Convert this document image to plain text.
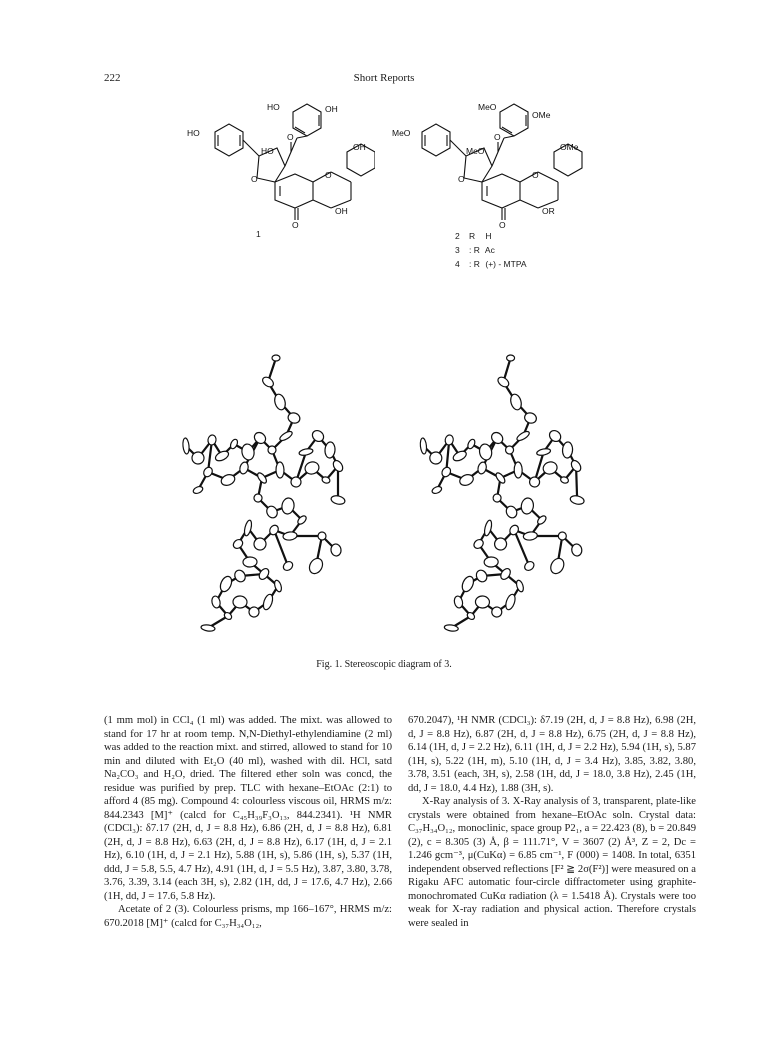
222	Short Reports
HO	OH
HO	O
HO	OH
O	O
OH
O
1
MeO
OMe
MeO	O
MeO	OMe
O	O
OR
O
2 R H
3 : R Ac
4 : R (+) - MTPA
Fig. 1. Stereoscopic diagram of 3.

(1 mm mol) in CCl₄ (1 ml) was added. The mixt. was allowed to stand for 17 hr at room temp. N,N-Diethyl-ethylendiamine (2 ml) was added to the reaction mixt. and stirred, allowed to stand for 10 min and diluted with Et₂O (40 ml), washed with dil. HCl, satd Na₂CO₃ and H₂O, dried. The filtered ether soln was concd, the residue was purified by prep. TLC with hexane–EtOAc (2:1) to afford 4 (85 mg). Compound 4: colourless viscous oil, HRMS m/z: 844.2343 [M]⁺ (calcd for C₄₅H₃₉F₃O₁₃, 844.2341). ¹H NMR (CDCl₃): δ7.17 (2H, d, J = 8.8 Hz), 6.86 (2H, d, J = 8.8 Hz), 6.81 (2H, d, J = 8.8 Hz), 6.63 (2H, d, J = 8.8 Hz), 6.17 (1H, d, J = 2.1 Hz), 6.10 (1H, d, J = 2.1 Hz), 5.88 (1H, s), 5.86 (1H, s), 5.37 (1H, ddd, J = 5.8, 5.5, 4.7 Hz), 4.91 (1H, d, J = 5.5 Hz), 3.87, 3.80, 3.78, 3.76, 3.39, 3.14 (each 3H, s), 2.82 (1H, dd, J = 17.6, 4.7 Hz), 2.66 (1H, dd, J = 17.6, 5.8 Hz).

Acetate of 2 (3). Colourless prisms, mp 166–167°, HRMS m/z: 670.2018 [M]⁺ (calcd for C₃₇H₃₄O₁₂,

670.2047), ¹H NMR (CDCl₃): δ7.19 (2H, d, J = 8.8 Hz), 6.98 (2H, d, J = 8.8 Hz), 6.87 (2H, d, J = 8.8 Hz), 6.75 (2H, d, J = 8.8 Hz), 6.14 (1H, d, J = 2.2 Hz), 6.11 (1H, d, J = 2.2 Hz), 5.94 (1H, s), 5.87 (1H, s), 5.22 (1H, m), 5.10 (1H, d, J = 3.4 Hz), 3.85, 3.82, 3.80, 3.78, 3.51 (each, 3H, s), 2.58 (1H, dd, J = 18.0, 3.8 Hz), 2.45 (1H, dd, J = 18.0, 4.4 Hz), 1.88 (3H, s).

X-Ray analysis of 3. X-Ray analysis of 3, transparent, plate-like crystals were obtained from hexane–EtOAc soln. Crystal data: C₃₇H₃₄O₁₂, monoclinic, space group P2₁, a = 22.423 (8), b = 20.849 (2), c = 8.305 (3) Å, β = 111.71°, V = 3607 (2) Å³, Z = 2, Dc = 1.246 gcm⁻³, μ(CuKα) = 6.85 cm⁻¹, F (000) = 1408. In total, 6351 independent observed reflections [F² ≧ 2σ(F²)] were measured on a Rigaku AFC automatic four-circle diffractometer using graphite-monochromated CuKα radiation (λ = 1.5418 Å). Crystals were too weak for X-ray radiation and physical action. Therefore crystals were sealed in
